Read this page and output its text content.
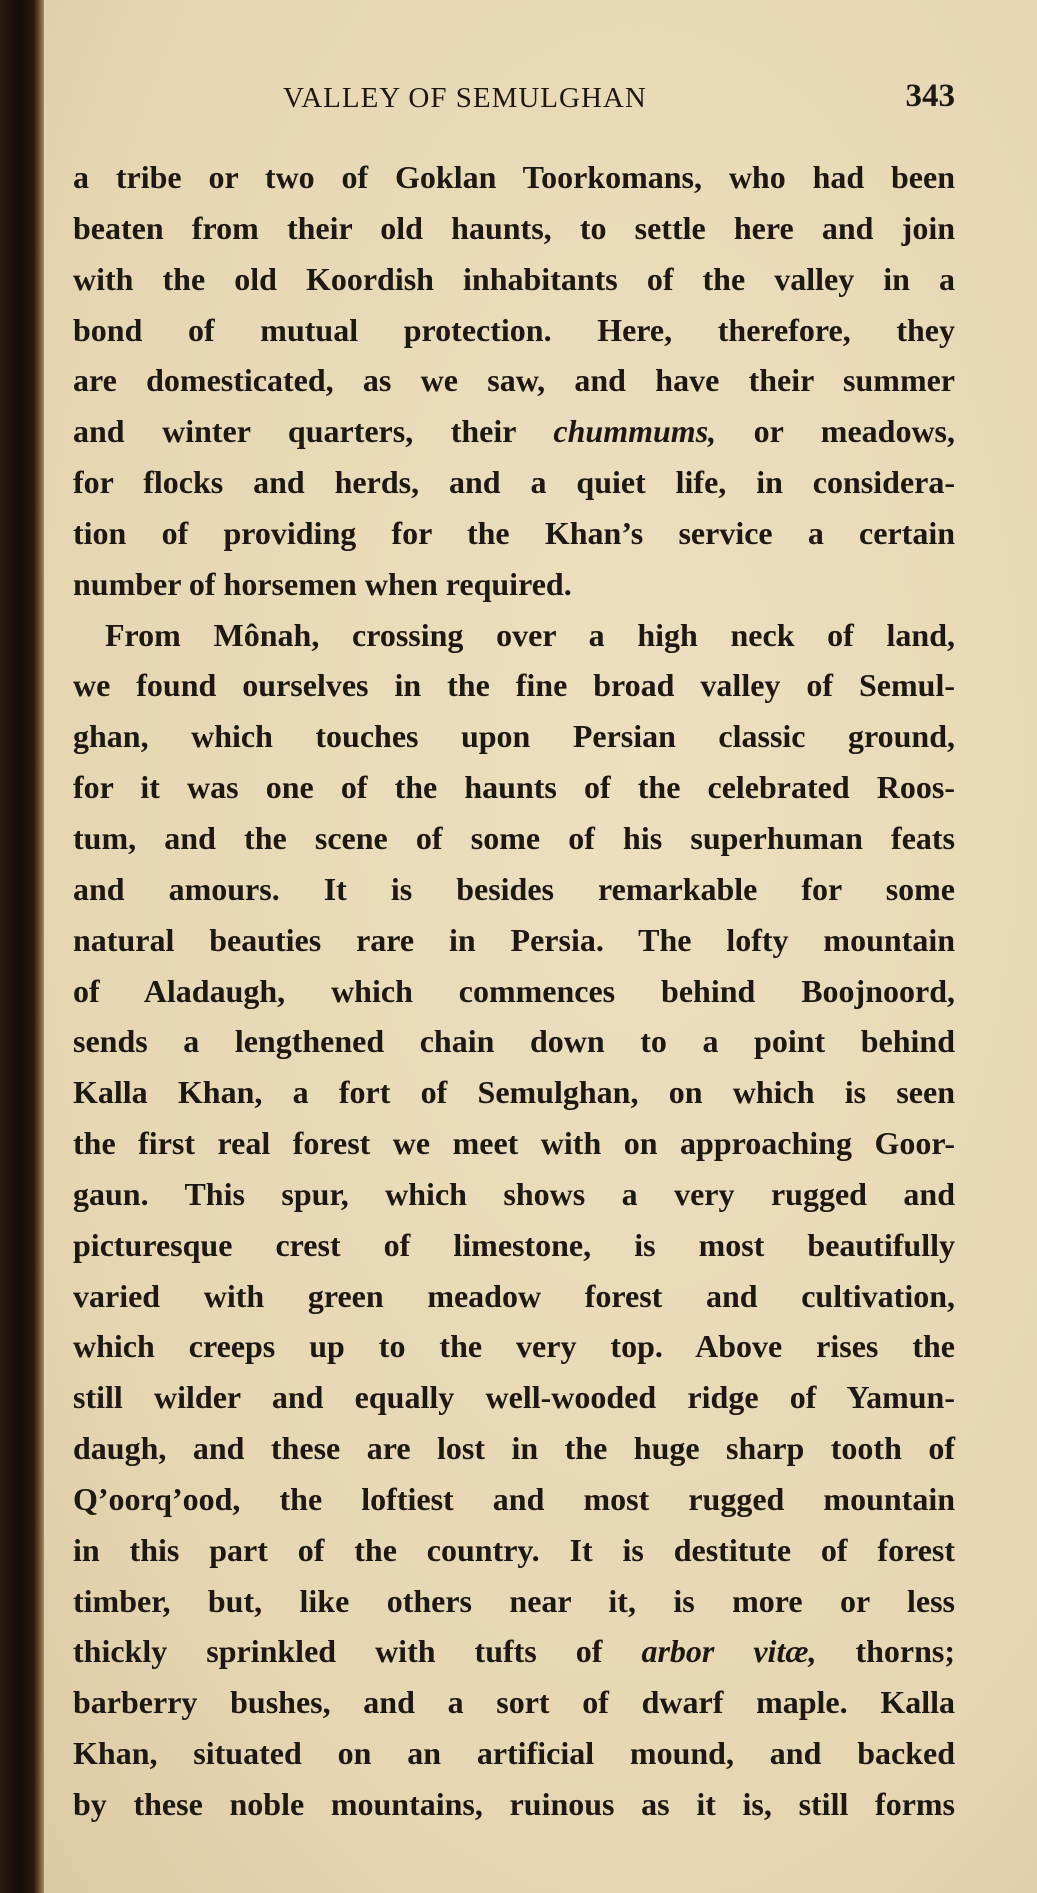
VALLEY OF SEMULGHAN	343
a tribe or two of Goklan Toorkomans, who had been
beaten from their old haunts, to settle here and join
with the old Koordish inhabitants of the valley in a
bond of mutual protection. Here, therefore, they
are domesticated, as we saw, and have their summer
and winter quarters, their chummums, or meadows,
for flocks and herds, and a quiet life, in considera-
tion of providing for the Khan’s service a certain
number of horsemen when required.
From Mônah, crossing over a high neck of land,
we found ourselves in the fine broad valley of Semul-
ghan, which touches upon Persian classic ground,
for it was one of the haunts of the celebrated Roos-
tum, and the scene of some of his superhuman feats
and amours. It is besides remarkable for some
natural beauties rare in Persia. The lofty mountain
of Aladaugh, which commences behind Boojnoord,
sends a lengthened chain down to a point behind
Kalla Khan, a fort of Semulghan, on which is seen
the first real forest we meet with on approaching Goor-
gaun. This spur, which shows a very rugged and
picturesque crest of limestone, is most beautifully
varied with green meadow forest and cultivation,
which creeps up to the very top. Above rises the
still wilder and equally well-wooded ridge of Yamun-
daugh, and these are lost in the huge sharp tooth of
Q’oorq’ood, the loftiest and most rugged mountain
in this part of the country. It is destitute of forest
timber, but, like others near it, is more or less
thickly sprinkled with tufts of arbor vitæ, thorns;
barberry bushes, and a sort of dwarf maple. Kalla
Khan, situated on an artificial mound, and backed
by these noble mountains, ruinous as it is, still forms
